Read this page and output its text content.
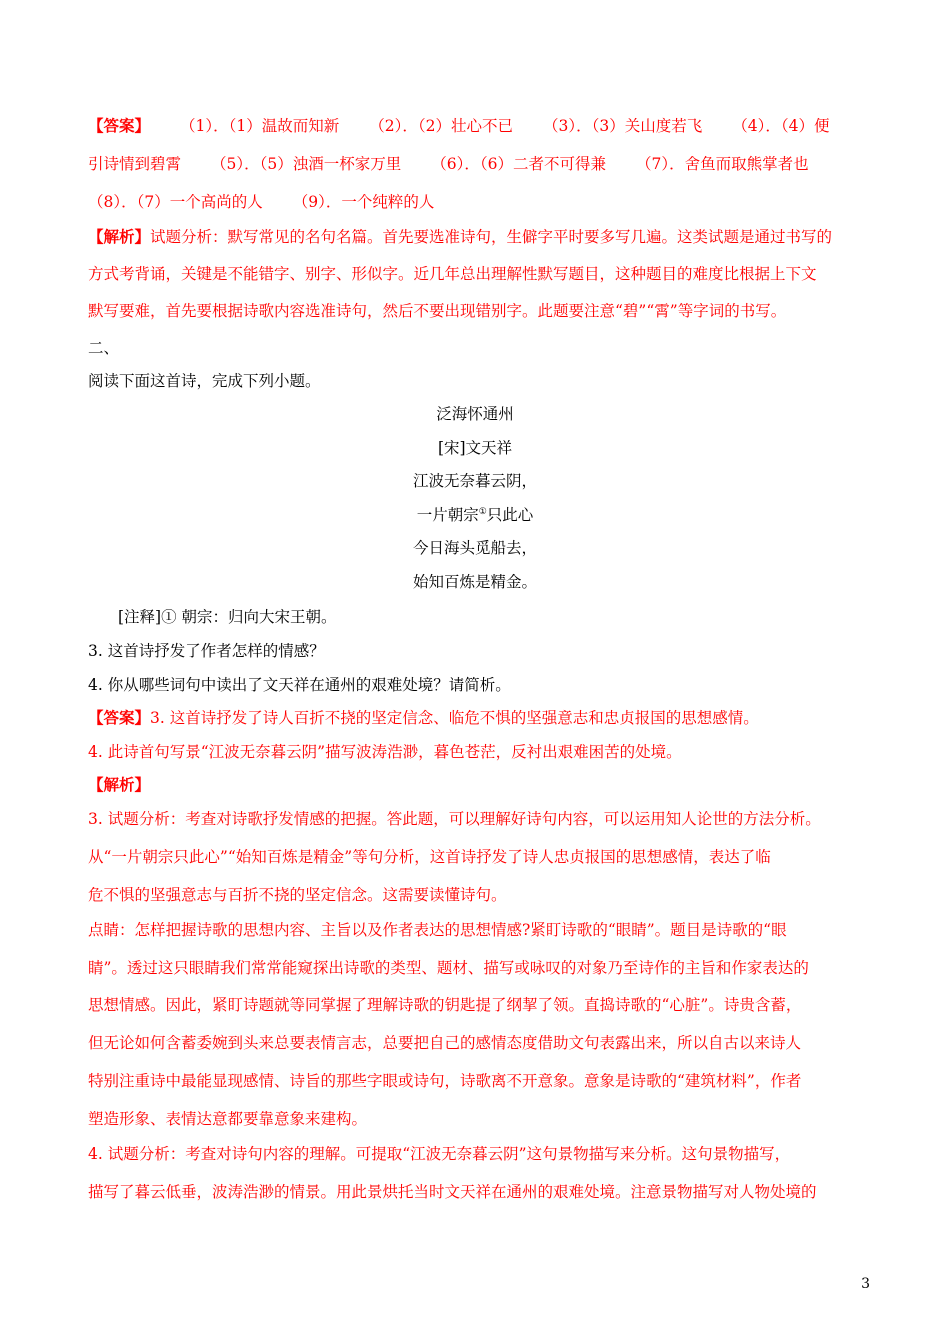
【答案】 （1）．（1）温故而知新 （2）．（2）壮心不已 （3）．（3）关山度若飞 （4）．（4）便
引诗情到碧霄 （5）．（5）浊酒一杯家万里 （6）．（6）二者不可得兼 （7）．舍鱼而取熊掌者也
（8）．（7）一个高尚的人 （9）．一个纯粹的人
【解析】试题分析：默写常见的名句名篇。首先要选准诗句，生僻字平时要多写几遍。这类试题是通过书写的
方式考背诵，关键是不能错字、别字、形似字。近几年总出理解性默写题目，这种题目的难度比根据上下文
默写要难，首先要根据诗歌内容选准诗句，然后不要出现错别字。此题要注意“碧”“霄”等字词的书写。
二、
阅读下面这首诗，完成下列小题。
泛海怀通州
[宋]文天祥
江波无奈暮云阴，
一片朝宗①只此心
今日海头觅船去，
始知百炼是精金。
[注释]① 朝宗：归向大宋王朝。
3. 这首诗抒发了作者怎样的情感？
4. 你从哪些词句中读出了文天祥在通州的艰难处境？请简析。
【答案】3. 这首诗抒发了诗人百折不挠的坚定信念、临危不惧的坚强意志和忠贞报国的思想感情。
4. 此诗首句写景“江波无奈暮云阴”描写波涛浩渺，暮色苍茫，反衬出艰难困苦的处境。
【解析】
3. 试题分析：考查对诗歌抒发情感的把握。答此题，可以理解好诗句内容，可以运用知人论世的方法分析。
从“一片朝宗只此心”“始知百炼是精金”等句分析，这首诗抒发了诗人忠贞报国的思想感情，表达了临
危不惧的坚强意志与百折不挠的坚定信念。这需要读懂诗句。
点睛：怎样把握诗歌的思想内容、主旨以及作者表达的思想情感?紧盯诗歌的“眼睛”。题目是诗歌的“眼
睛”。透过这只眼睛我们常常能窥探出诗歌的类型、题材、描写或咏叹的对象乃至诗作的主旨和作家表达的
思想情感。因此，紧盯诗题就等同掌握了理解诗歌的钥匙提了纲挈了领。直捣诗歌的“心脏”。诗贵含蓄，
但无论如何含蓄委婉到头来总要表情言志，总要把自己的感情态度借助文句表露出来，所以自古以来诗人
特别注重诗中最能显现感情、诗旨的那些字眼或诗句，诗歌离不开意象。意象是诗歌的“建筑材料”，作者
塑造形象、表情达意都要靠意象来建构。
4. 试题分析：考查对诗句内容的理解。可提取“江波无奈暮云阴”这句景物描写来分析。这句景物描写，
描写了暮云低垂，波涛浩渺的情景。用此景烘托当时文天祥在通州的艰难处境。注意景物描写对人物处境的
3
